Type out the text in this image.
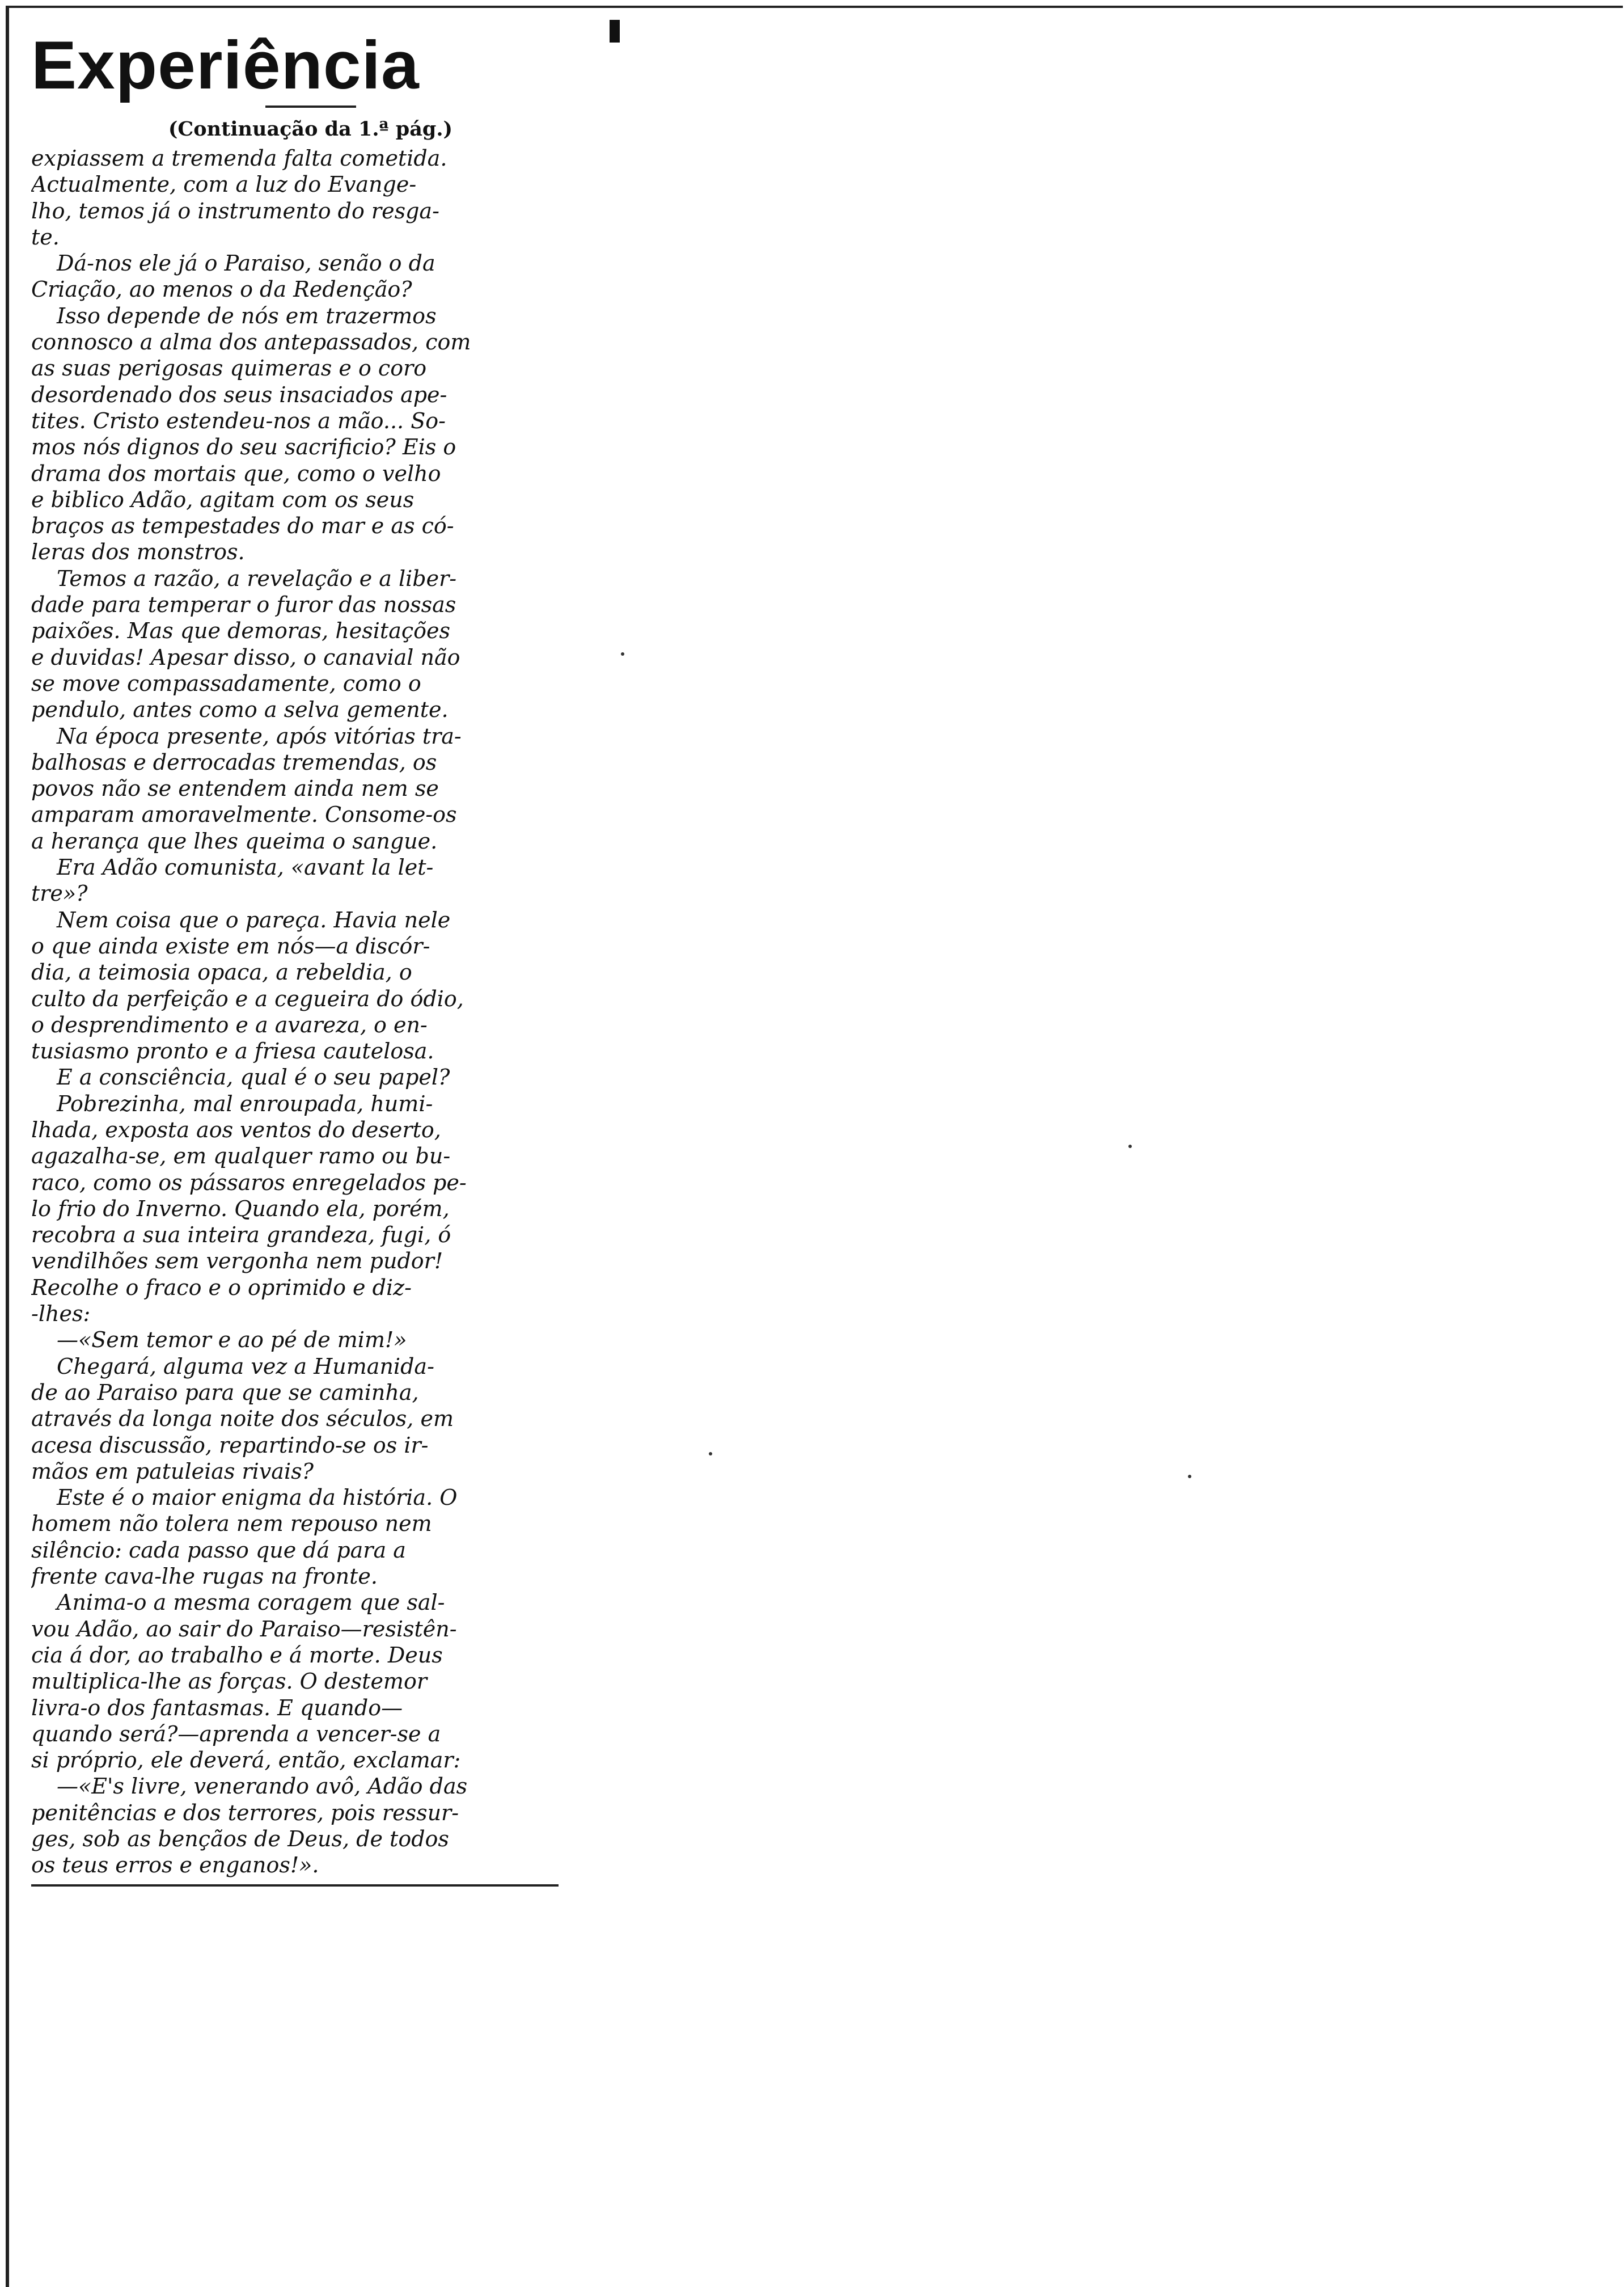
Experiência
(Continuação da 1.ª pág.)
expiassem a tremenda falta cometida.
Actualmente, com a luz do Evange-
lho, temos já o instrumento do resga-
te.
Dá-nos ele já o Paraiso, senão o da
Criação, ao menos o da Redenção?
Isso depende de nós em trazermos
connosco a alma dos antepassados, com
as suas perigosas quimeras e o coro
desordenado dos seus insaciados ape-
tites. Cristo estendeu-nos a mão... So-
mos nós dignos do seu sacrificio? Eis o
drama dos mortais que, como o velho
e biblico Adão, agitam com os seus
braços as tempestades do mar e as có-
leras dos monstros.
Temos a razão, a revelação e a liber-
dade para temperar o furor das nossas
paixões. Mas que demoras, hesitações
e duvidas! Apesar disso, o canavial não
se move compassadamente, como o
pendulo, antes como a selva gemente.
Na época presente, após vitórias tra-
balhosas e derrocadas tremendas, os
povos não se entendem ainda nem se
amparam amoravelmente. Consome-os
a herança que lhes queima o sangue.
Era Adão comunista, «avant la let-
tre»?
Nem coisa que o pareça. Havia nele
o que ainda existe em nós—a discór-
dia, a teimosia opaca, a rebeldia, o
culto da perfeição e a cegueira do ódio,
o desprendimento e a avareza, o en-
tusiasmo pronto e a friesa cautelosa.
E a consciência, qual é o seu papel?
Pobrezinha, mal enroupada, humi-
lhada, exposta aos ventos do deserto,
agazalha-se, em qualquer ramo ou bu-
raco, como os pássaros enregelados pe-
lo frio do Inverno. Quando ela, porém,
recobra a sua inteira grandeza, fugi, ó
vendilhões sem vergonha nem pudor!
Recolhe o fraco e o oprimido e diz-
-lhes:
—«Sem temor e ao pé de mim!»
Chegará, alguma vez a Humanida-
de ao Paraiso para que se caminha,
através da longa noite dos séculos, em
acesa discussão, repartindo-se os ir-
mãos em patuleias rivais?
Este é o maior enigma da história. O
homem não tolera nem repouso nem
silêncio: cada passo que dá para a
frente cava-lhe rugas na fronte.
Anima-o a mesma coragem que sal-
vou Adão, ao sair do Paraiso—resistên-
cia á dor, ao trabalho e á morte. Deus
multiplica-lhe as forças. O destemor
livra-o dos fantasmas. E quando—
quando será?—aprenda a vencer-se a
si próprio, ele deverá, então, exclamar:
—«E's livre, venerando avô, Adão das
penitências e dos terrores, pois ressur-
ges, sob as bençãos de Deus, de todos
os teus erros e enganos!».
